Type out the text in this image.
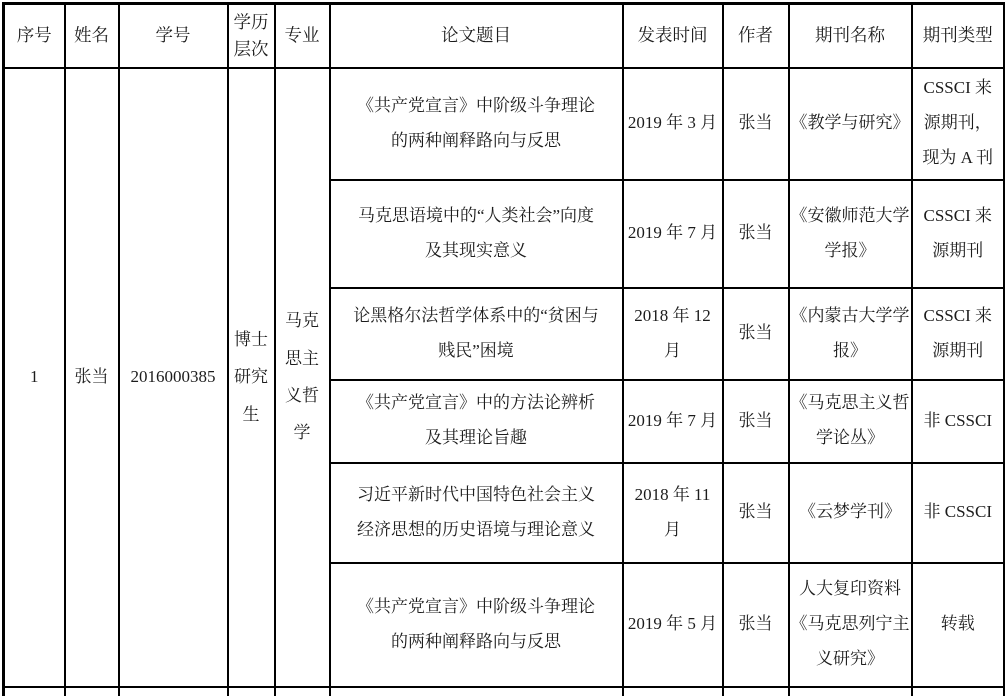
序号	姓名	学号	学历层次	专业	论文题目	发表时间	作者	期刊名称	期刊类型
1	张当	2016000385	博士研究生	马克思主义哲学	《共产党宣言》中阶级斗争理论的两种阐释路向与反思	2019 年 3 月	张当	《教学与研究》	CSSCI 来源期刊，现为 A 刊
					马克思语境中的“人类社会”向度及其现实意义	2019 年 7 月	张当	《安徽师范大学学报》	CSSCI 来源期刊
					论黑格尔法哲学体系中的“贫困与贱民”困境	2018 年 12 月	张当	《内蒙古大学学报》	CSSCI 来源期刊
					《共产党宣言》中的方法论辨析及其理论旨趣	2019 年 7 月	张当	《马克思主义哲学论丛》	非 CSSCI
					习近平新时代中国特色社会主义经济思想的历史语境与理论意义	2018 年 11 月	张当	《云梦学刊》	非 CSSCI
					《共产党宣言》中阶级斗争理论的两种阐释路向与反思	2019 年 5 月	张当	人大复印资料《马克思列宁主义研究》	转载
